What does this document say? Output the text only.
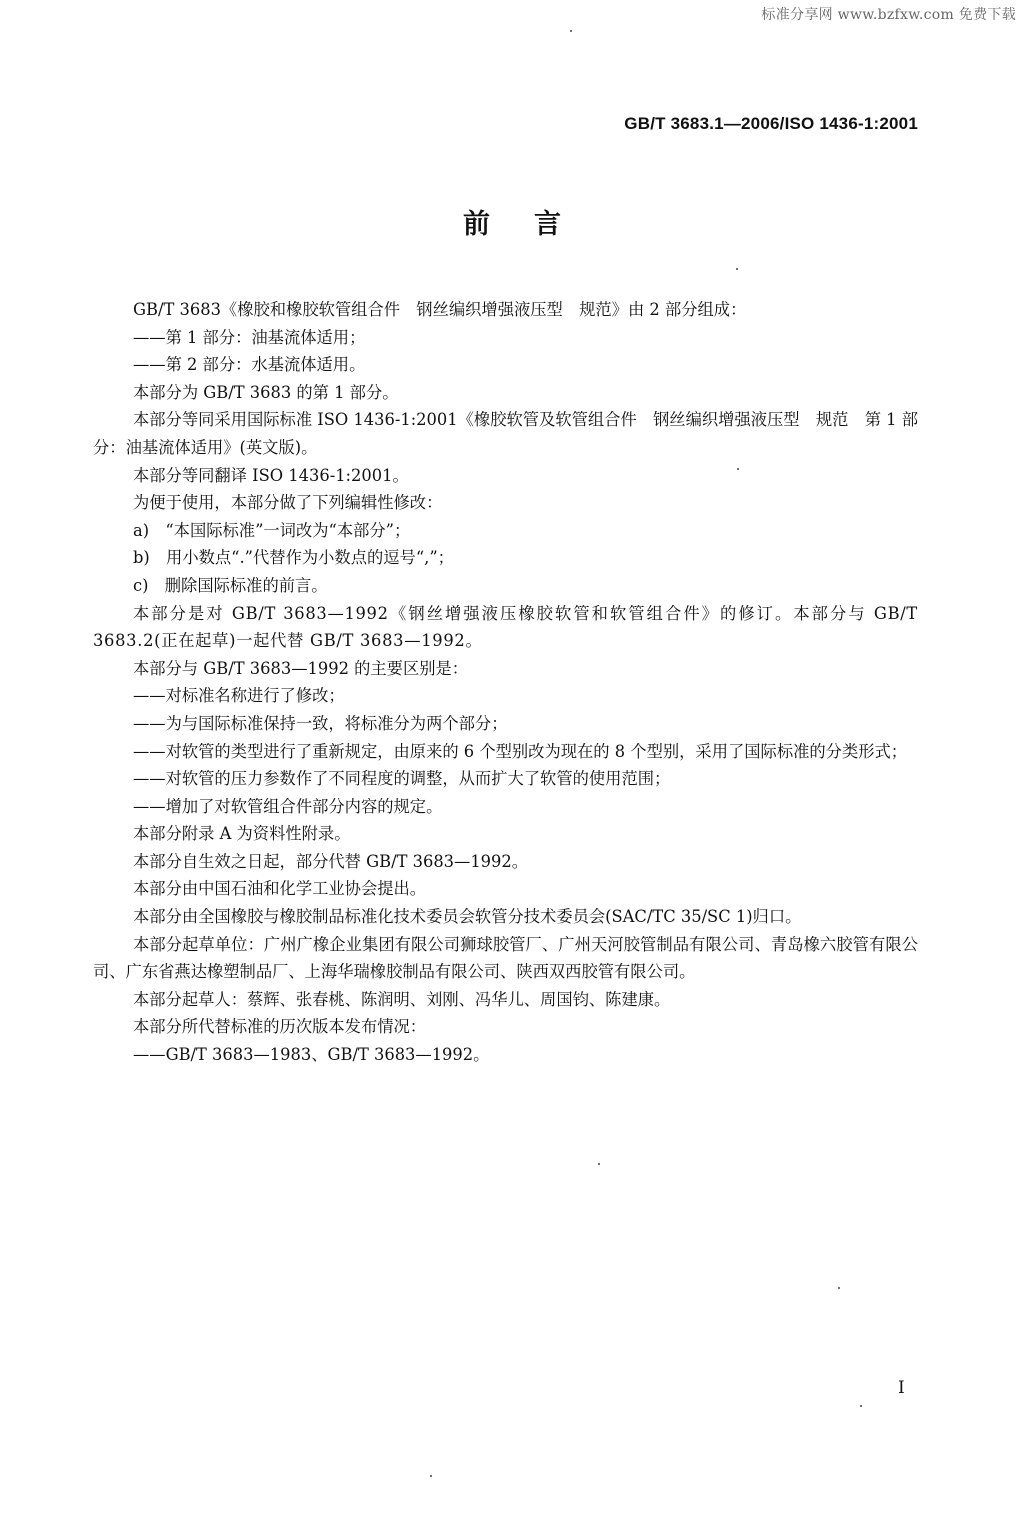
标准分享网 www.bzfxw.com 免费下载
GB/T 3683.1—2006/ISO 1436-1:2001
前言

GB/T 3683《橡胶和橡胶软管组合件　钢丝编织增强液压型　规范》由 2 部分组成：

——第 1 部分：油基流体适用；

——第 2 部分：水基流体适用。

本部分为 GB/T 3683 的第 1 部分。

本部分等同采用国际标准 ISO 1436-1:2001《橡胶软管及软管组合件　钢丝编织增强液压型　规范　第 1 部分：油基流体适用》(英文版)。

本部分等同翻译 ISO 1436-1:2001。

为便于使用，本部分做了下列编辑性修改：

a)　“本国际标准”一词改为“本部分”；

b)　用小数点“.”代替作为小数点的逗号“,”；

c)　删除国际标准的前言。

本部分是对 GB/T 3683—1992《钢丝增强液压橡胶软管和软管组合件》的修订。本部分与 GB/T 3683.2(正在起草)一起代替 GB/T 3683—1992。

本部分与 GB/T 3683—1992 的主要区别是：

——对标准名称进行了修改；

——为与国际标准保持一致，将标准分为两个部分；

——对软管的类型进行了重新规定，由原来的 6 个型别改为现在的 8 个型别，采用了国际标准的分类形式；

——对软管的压力参数作了不同程度的调整，从而扩大了软管的使用范围；

——增加了对软管组合件部分内容的规定。

本部分附录 A 为资料性附录。

本部分自生效之日起，部分代替 GB/T 3683—1992。

本部分由中国石油和化学工业协会提出。

本部分由全国橡胶与橡胶制品标准化技术委员会软管分技术委员会(SAC/TC 35/SC 1)归口。

本部分起草单位：广州广橡企业集团有限公司狮球胶管厂、广州天河胶管制品有限公司、青岛橡六胶管有限公司、广东省燕达橡塑制品厂、上海华瑞橡胶制品有限公司、陕西双西胶管有限公司。

本部分起草人：蔡辉、张春桃、陈润明、刘刚、冯华儿、周国钧、陈建康。

本部分所代替标准的历次版本发布情况：

——GB/T 3683—1983、GB/T 3683—1992。

I
